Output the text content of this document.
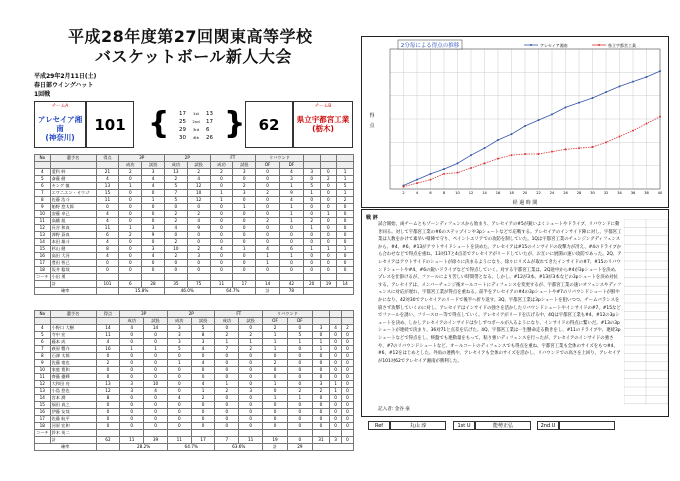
平成28年度第27回関東高等学校
バスケットボール新人大会
平成29年2月11日(土)
春日部ウイングハット
1回戦
チームA
アレセイア湘南
(神奈川)
101 {	17	1st	13
25	2nd	17
29	3rd	6
30	4th	26 } 62
チームB
県立宇都宮工業
(栃木)
No	選手名	得点	3P		2P		FT		リバウンド				
			成功	試投	成功	試投	成功	試投	OF	DF			
4	愛科 幹	21	2	3	13	2	2	3	0	4	3	0	1
5	斎藤 健	4	0	4	2	4	0	0	0	3	0	2	1
6	キング 慎	13	1	4	5	12	0	2	0	1	5	0	5
7	エワニエン・オウゴ	15	0	0	7	10	1	3	2	9	1	0	1
8	佐藤 浩斗	11	0	1	5	12	1	0	0	4	0	0	2
9	船野 悠太郎	0	0	0	0	0	0	1	0	1	0	0	0
10	安藤 卓己	4	0	0	2	2	0	0	0	1	0	1	0
11	高橋 旭	4	0	0	2	4	0	0	2	1	2	0	0
12	長谷 和真	11	1	3	4	9	0	0	0	0	1	0	0
13	澤野 蒼真	6	2	9	0	0	0	0	0	0	0	0	0
14	本田 雄斗	4	0	0	2	0	0	0	0	0	0	0	0
15	杉山 健	8	0	3	10	2	4	1	4	6	1	1	1
16	高田 大河	4	0	4	2	3	0	0	1	1	0	0	0
17	豊田 智己	0	0	0	0	0	0	0	1	0	0	0	0
18	坂井 稔哉	0	0	0	0	0	0	0	0	0	0	0	0
コーチ	小田 勇												
	計	101	6	28	35	75	11	17	14	42	20	19	14
確率			15.8%		46.0%		64.7%		計	78			
No	選手名	得点	3P		2P		FT		リバウンド				
			成功	試投	成功	試投	成功	試投	OF	DF			
4	小野口 大樹	14	4	14	3	5	0	0	2	0	3	4	2
5	寺中 宏	11	0	0	3	8	2	2	1	5	0	0	0
6	藤本 成	4	0	0	3	3	1	1	1	1	1	0	0
7	萩原 響介	16	1	1	5	4	7	2	1	0	1	0	0
8	石澤 太郎	0	0	0	0	0	0	0	0	0	0	0	0
9	佐藤 竜也	2	0	0	1	4	0	0	2	0	0	0	0
10	家庭 寛和	0	0	0	0	0	0	0	0	0	0	0	0
11	齊藤 優輝	0	0	0	0	0	0	0	0	0	0	0	0
12	大和田 亮	13	3	10	0	4	1	0	1	0	3	1	0
13	小島 悠也	12	3	4	0	1	2	3	0	2	2	1	0
14	宮本 潤	8	0	0	4	2	0	0	1	1	0	0	0
15	福田 真之	0	0	0	0	0	0	0	0	0	0	0	0
16	伊藤 友哉	0	0	0	0	0	0	0	0	0	0	0	0
17	佐藤 航平	0	0	0	0	0	0	0	0	0	0	0	0
18	河原 宏和	0	0	0	0	0	0	0	0	0	0	0	0
コーチ	鈴木 英二												
	計	62	11	39	11	17	7	11	19	0	31	3	0
確率			28.2%		64.7%		63.6%		計	29			
2	4	6	8	10 12 14 16 18 20 22 24 26 28 30 32 34 36 38 40
得
点
経 過 時 間
2分毎による得点の推移	アレセイア湘南	県立宇都宮工業
戦 評
試合開始、両チームともゾーンディフェンスから始まり、アレセイアの#5が鋭いよくシュートやドライブ、リバウンドに動き回る。対して宇都宮工業の#6のステップインや3pシュートなどで応戦する。アレセイアのインサイド陣に対し、宇都宮工業は人数をかけて素早い帰陣で守り、ペイントエリアでの攻防を制していた。1Qは宇都宮工業のチェンジングディフェンスから、#4、#6、#13がアウトサイドシュートを決めた。アレセイアは#15のインサイドの攻撃力が冴え、#4のドライブから合わせなどで得点を重ね、13対17と4点差でアレセイアがリードしていたが、お互いに展開の速い攻防であった。2Q、アレセイアはアウトサイドのシュートが徐々に決まるようになり、徐々にリズムが取れてきたインサイドの#7、#15のリバウンドシュートや#4、#6の鋭いドライブなどで得点していく。対する宇都宮工業は、2Q途中から#4が3pシュートを決め、プレスを仕掛けるが、ファールにより苦しい時間帯となる。しかし、#12が3本、#13が3本などの3pシュートを決め対抗する。アレセイアは、メンバーチェンジ後オールコートにディフェンスを変更するが、宇都宮工業の速いオフェンスやディフェンスに対応が遅れ、宇都宮工業が得点を重ねる。前半をアレセイアの#4の3pシュートや#7のリバウンドシュートが鮮やかになり、42対30でアレセイアのリードで後半へ折り返す。3Q、宇都宮工業は3pシュートを狙いつつ、チームバランスを崩さず攻撃していくのに対し、アレセイアはインサイドの強さを活かしたリバウンドシュートやインサイドの#7、#15などでファールを誘い、フリースロー等で得点していく。アレセイアがリードを広げる中、4Qは宇都宮工業も#4、#12の3pシュートを決め、しかしアレセイアのインサイドは少しずつボールが入るようになり、インサイドの得点に繋いだ。#13の3pシュートが連続で決まり、36対71と点差を広げた。4Q、宇都宮工業は一生懸命走る動きをし、#11のドライブや、連続3pシュートなどで得点をし、終盤でも連動量をもって、粘り強いディフェンスを行ったが、アレセイアのインサイドの強さや、#7のリバウンドシュートなど、オールコートのディフェンスでも得点を重ね、宇都宮工業も全体のサイズをもつ#4、#6、#12をはじめとした、外角の連携や、アレセイアも全体のサイズを活かし、リバウンドでの高さを上回り、アレセイアが101対62でアレセイア湘南が勝利した。
記入者: 金谷 豪
Ref	丸山 淳	1st U	能勢正弘	2nd U
